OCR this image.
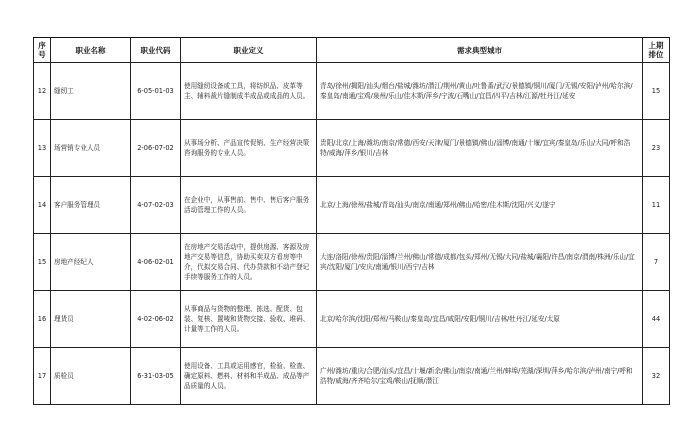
序号	职业名称	职业代码	职业定义	需求典型城市	上期排位
12	缝纫工	6-05-01-03	使用缝纫设备或工具，将纺织品、皮革等主、辅料裁片缝制成半成品或成品的人员。	青岛/徐州/揭阳/汕头/烟台/盐城/潍坊/潜江/荆州/黄山/吐鲁番/武汉/景德镇/铜川/厦门/无锡/安阳/泸州/哈尔滨/秦皇岛/南通/宝鸡/泉州/乐山/佳木斯/萍乡/宁波/石嘴山/宜昌/四平/吉林/江源/牡丹江/延安	15
13	场营销专业人员	2-06-07-02	从事场分析、产品宣传促销、生产经营决策咨询服务的专业人员。	贵阳/北京/上海/潍坊/南京/常德/西安/天津/厦门/景德镇/佛山/淄博/南通/十堰/宜宾/秦皇岛/乐山/大同/呼和浩特/威海/萍乡/银川/吉林	23
14	客户服务管理员	4-07-02-03	在企业中，从事售前、售中、售后客户服务活动管理工作的人员。	北京/上海/徐州/盐城/青岛/汕头/南京/南通/郑州/佛山/哈密/佳木斯/沈阳/兴义/遂宁	11
15	房地产经纪人	4-06-02-01	在房地产交易活动中，提供房源、客源及房地产交易等信息，协助买卖双方看房等中介，代拟交易合同、代办贷款和不动产登记手续等服务工作的人员。	大连/洛阳/徐州/贵阳/淄博/兰州/佛山/常德/成都/包头/郑州/无锡/大同/盐城/襄阳/许昌/南京/渭南/株洲/乐山/宜宾/沈阳/厦门/安庆/南通/银川/西宁/吉林	7
16	理货员	4-02-06-02	从事商品与货物的整理、拣选、配货、包装、复核、置唛和货物交接、验收、堆码、计量等工作的人员。	北京/哈尔滨/沈阳/郑州/马鞍山/秦皇岛/宜昌/咸阳/安阳/铜川/吉林/牡丹江/延安/太原	44
17	质检员	6-31-03-05	使用设备、工具或运用感官，检验、检查、确定原料、燃料、材料和半成品、成品等产品质量的人员。	广州/潍坊/重庆/合肥/汕头/宜昌/十堰/新余/佛山/南京/南通/兰州/蚌埠/芜湖/深圳/萍乡/哈尔滨/泸州/南宁/呼和浩特/威海/齐齐哈尔/宝鸡/鞍山/抚顺/潜江	32
